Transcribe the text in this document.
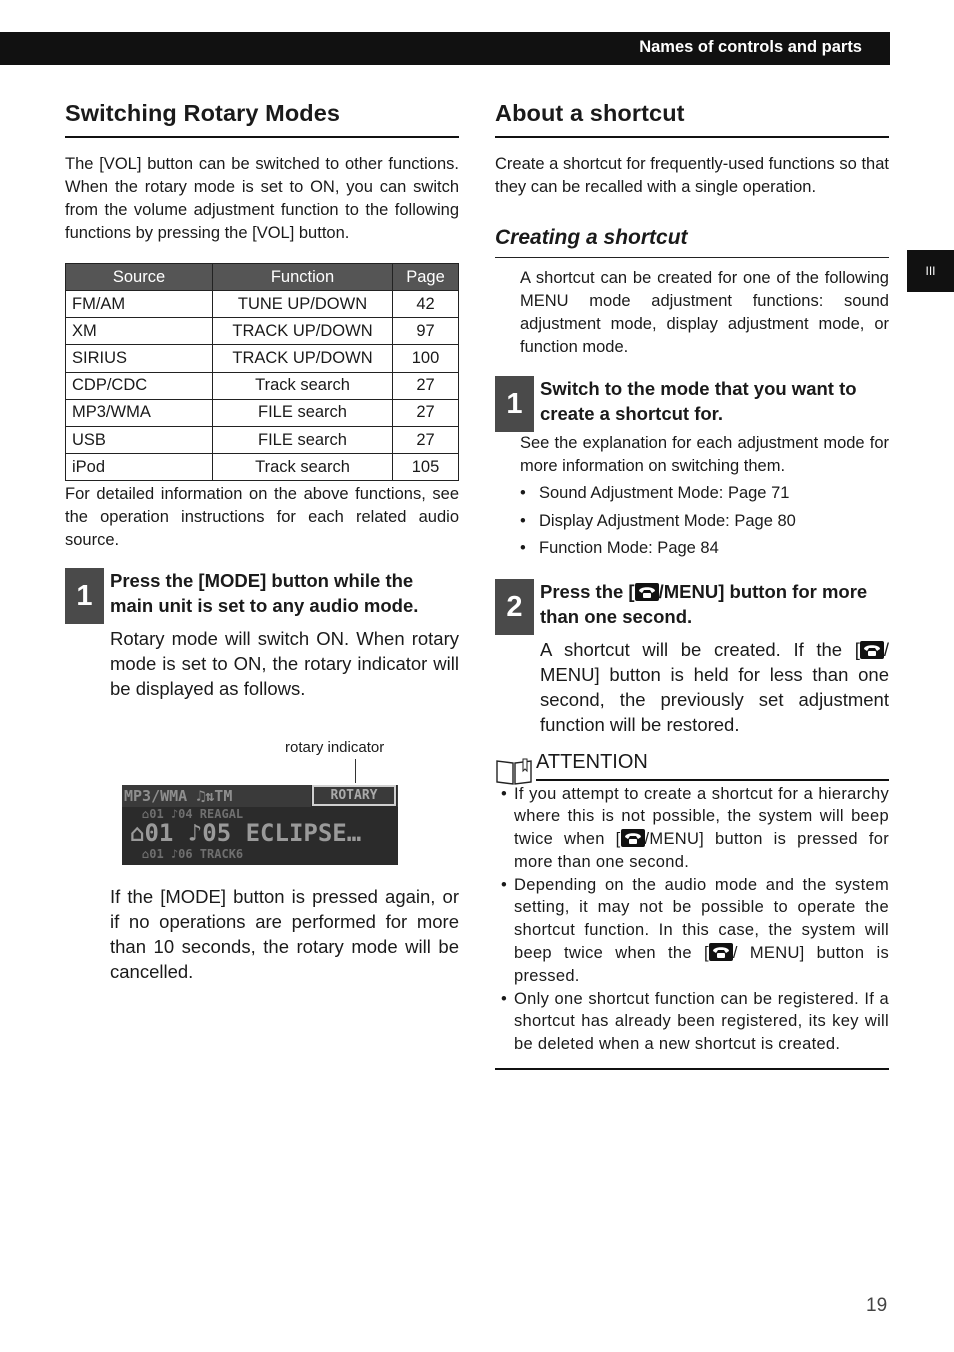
Names of controls and parts
III
Switching Rotary Modes

The [VOL] button can be switched to other functions. When the rotary mode is set to ON, you can switch from the volume adjustment function to the following functions by pressing the [VOL] button.

Source	Function	Page
FM/AM	TUNE UP/DOWN	42
XM	TRACK UP/DOWN	97
SIRIUS	TRACK UP/DOWN	100
CDP/CDC	Track search	27
MP3/WMA	FILE search	27
USB	FILE search	27
iPod	Track search	105

For detailed information on the above functions, see the operation instructions for each related audio source.

1 Press the [MODE] button while the main unit is set to any audio mode.

Rotary mode will switch ON. When rotary mode is set to ON, the rotary indicator will be displayed as follows.

rotary indicator
MP3/WMA ♫⇅TM	ROTARY
⌂01 ♪04 REAGAL
⌂01 ♪05 ECLIPSE…
⌂01 ♪06 TRACK6

If the [MODE] button is pressed again, or if no operations are performed for more than 10 seconds, the rotary mode will be cancelled.

About a shortcut

Create a shortcut for frequently-used functions so that they can be recalled with a single operation.

Creating a shortcut

A shortcut can be created for one of the following MENU mode adjustment functions: sound adjustment mode, display adjustment mode, or function mode.

1 Switch to the mode that you want to create a shortcut for.

See the explanation for each adjustment mode for more information on switching them.

• Sound Adjustment Mode: Page 71
• Display Adjustment Mode: Page 80
• Function Mode: Page 84
2 Press the [ /MENU] button for more than one second.

A shortcut will be created. If the [ / MENU] button is held for less than one second, the previously set adjustment function will be restored.

ATTENTION
• If you attempt to create a shortcut for a hierarchy where this is not possible, the system will beep twice when [ /MENU] button is pressed for more than one second.
• Depending on the audio mode and the system setting, it may not be possible to operate the shortcut function. In this case, the system will beep twice when the [ / MENU] button is pressed.
• Only one shortcut function can be registered. If a shortcut has already been registered, its key will be deleted when a new shortcut is created.
19
